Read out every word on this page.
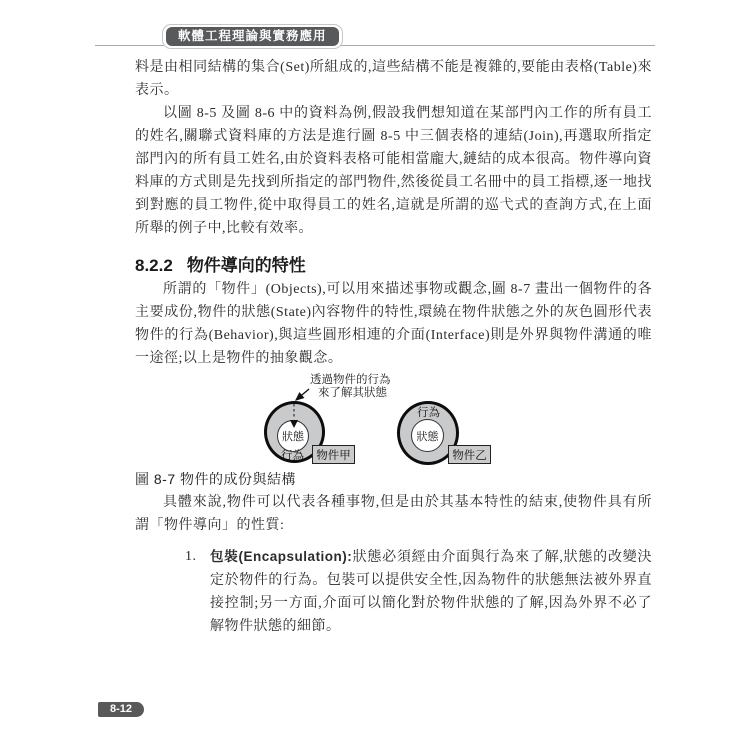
軟體工程理論與實務應用

料是由相同結構的集合(Set)所組成的,這些結構不能是複雜的,要能由表格(Table)來表示。

以圖 8-5 及圖 8-6 中的資料為例,假設我們想知道在某部門內工作的所有員工的姓名,關聯式資料庫的方法是進行圖 8-5 中三個表格的連結(Join),再選取所指定部門內的所有員工姓名,由於資料表格可能相當龐大,鏈結的成本很高。物件導向資料庫的方式則是先找到所指定的部門物件,然後從員工名冊中的員工指標,逐一地找到對應的員工物件,從中取得員工的姓名,這就是所謂的巡弋式的查詢方式,在上面所舉的例子中,比較有效率。

8.2.2 物件導向的特性

所謂的「物件」(Objects),可以用來描述事物或觀念,圖 8-7 畫出一個物件的各主要成份,物件的狀態(State)內容物件的特性,環繞在物件狀態之外的灰色圓形代表物件的行為(Behavior),與這些圓形相連的介面(Interface)則是外界與物件溝通的唯一途徑;以上是物件的抽象觀念。

透過物件的行為
來了解其狀態
狀態
行為 物件甲
行為
狀態
物件乙

圖 8-7 物件的成份與結構

具體來說,物件可以代表各種事物,但是由於其基本特性的結束,使物件具有所謂「物件導向」的性質:

1.	包裝(Encapsulation):狀態必須經由介面與行為來了解,狀態的改變決定於物件的行為。包裝可以提供安全性,因為物件的狀態無法被外界直接控制;另一方面,介面可以簡化對於物件狀態的了解,因為外界不必了解物件狀態的細節。
8-12
